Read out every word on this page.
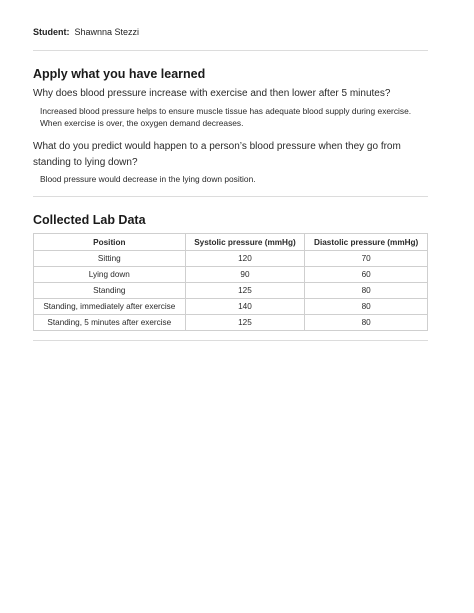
Student: Shawnna Stezzi
Apply what you have learned
Why does blood pressure increase with exercise and then lower after 5 minutes?
Increased blood pressure helps to ensure muscle tissue has adequate blood supply during exercise. When exercise is over, the oxygen demand decreases.
What do you predict would happen to a person’s blood pressure when they go from standing to lying down?
Blood pressure would decrease in the lying down position.
Collected Lab Data
Position	Systolic pressure (mmHg)	Diastolic pressure (mmHg)
Sitting	120	70
Lying down	90	60
Standing	125	80
Standing, immediately after exercise	140	80
Standing, 5 minutes after exercise	125	80
